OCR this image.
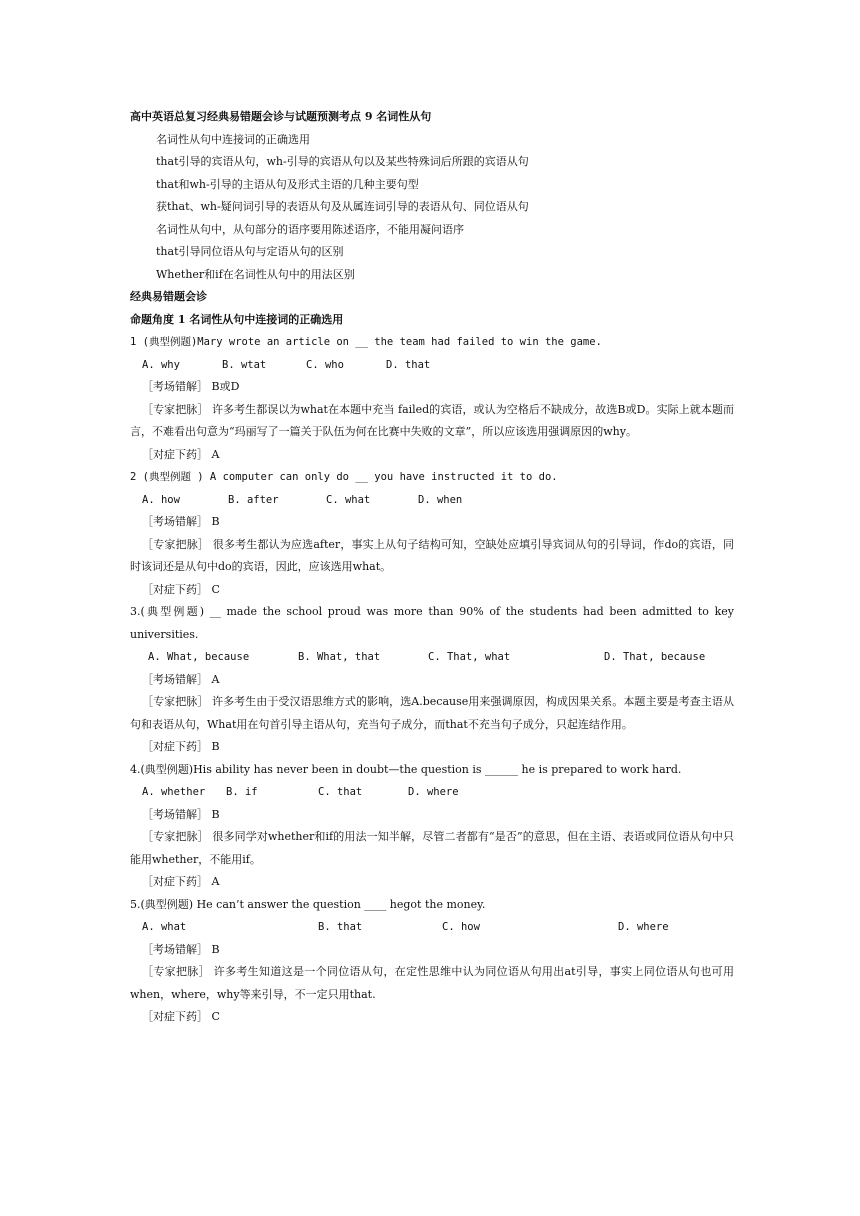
高中英语总复习经典易错题会诊与试题预测考点 9 名词性从句
名词性从句中连接词的正确选用
that引导的宾语从句，wh-引导的宾语从句以及某些特殊词后所跟的宾语从句
that和wh-引导的主语从句及形式主语的几种主要句型
获that、wh-疑问词引导的表语从句及从属连词引导的表语从句、同位语从句
名词性从句中，从句部分的语序要用陈述语序，不能用凝问语序
that引导同位语从句与定语从句的区别
Whether和if在名词性从句中的用法区别
经典易错题会诊
命题角度 1 名词性从句中连接词的正确选用
1 (典型例题)Mary wrote an article on __ the team had failed to win the game.
A. why	B. wtat	C. who	D. that
［考场错解］ B或D
［专家把脉］ 许多考生都误以为what在本题中充当 failed的宾语，或认为空格后不缺成分，故选B或D。实际上就本题而言，不难看出句意为“玛丽写了一篇关于队伍为何在比赛中失败的文章”，所以应该选用强调原因的why。
［对症下药］ A
2 (典型例题 ) A computer can only do __ you have instructed it to do.
A. how	B. after	C. what	D. when
［考场错解］ B
［专家把脉］ 很多考生都认为应选after，事实上从句子结构可知，空缺处应填引导宾词从句的引导词，作do的宾语，同时该词还是从句中do的宾语，因此，应该选用what。
［对症下药］ C
3.(典型例题) __ made the school proud was more than 90% of the students had been admitted to key universities.
A. What, because	B. What, that	C. That, what	D. That, because
［考场错解］ A
［专家把脉］ 许多考生由于受汉语思维方式的影响，选A.because用来强调原因，构成因果关系。本题主要是考查主语从句和表语从句，What用在句首引导主语从句，充当句子成分，而that不充当句子成分，只起连结作用。
［对症下药］ B
4.(典型例题)His ability has never been in doubt—the question is ______ he is prepared to work hard.
A. whether B. if	C. that	D. where
［考场错解］ B
［专家把脉］ 很多同学对whether和if的用法一知半解，尽管二者都有“是否”的意思，但在主语、表语或同位语从句中只能用whether，不能用if。
［对症下药］ A
5.(典型例题) He can’t answer the question ____ hegot the money.
A. what	B. that	C. how	D. where
［考场错解］ B
［专家把脉］ 许多考生知道这是一个同位语从句，在定性思维中认为同位语从句用出at引导，事实上同位语从句也可用when，where，why等来引导，不一定只用that.
［对症下药］ C
